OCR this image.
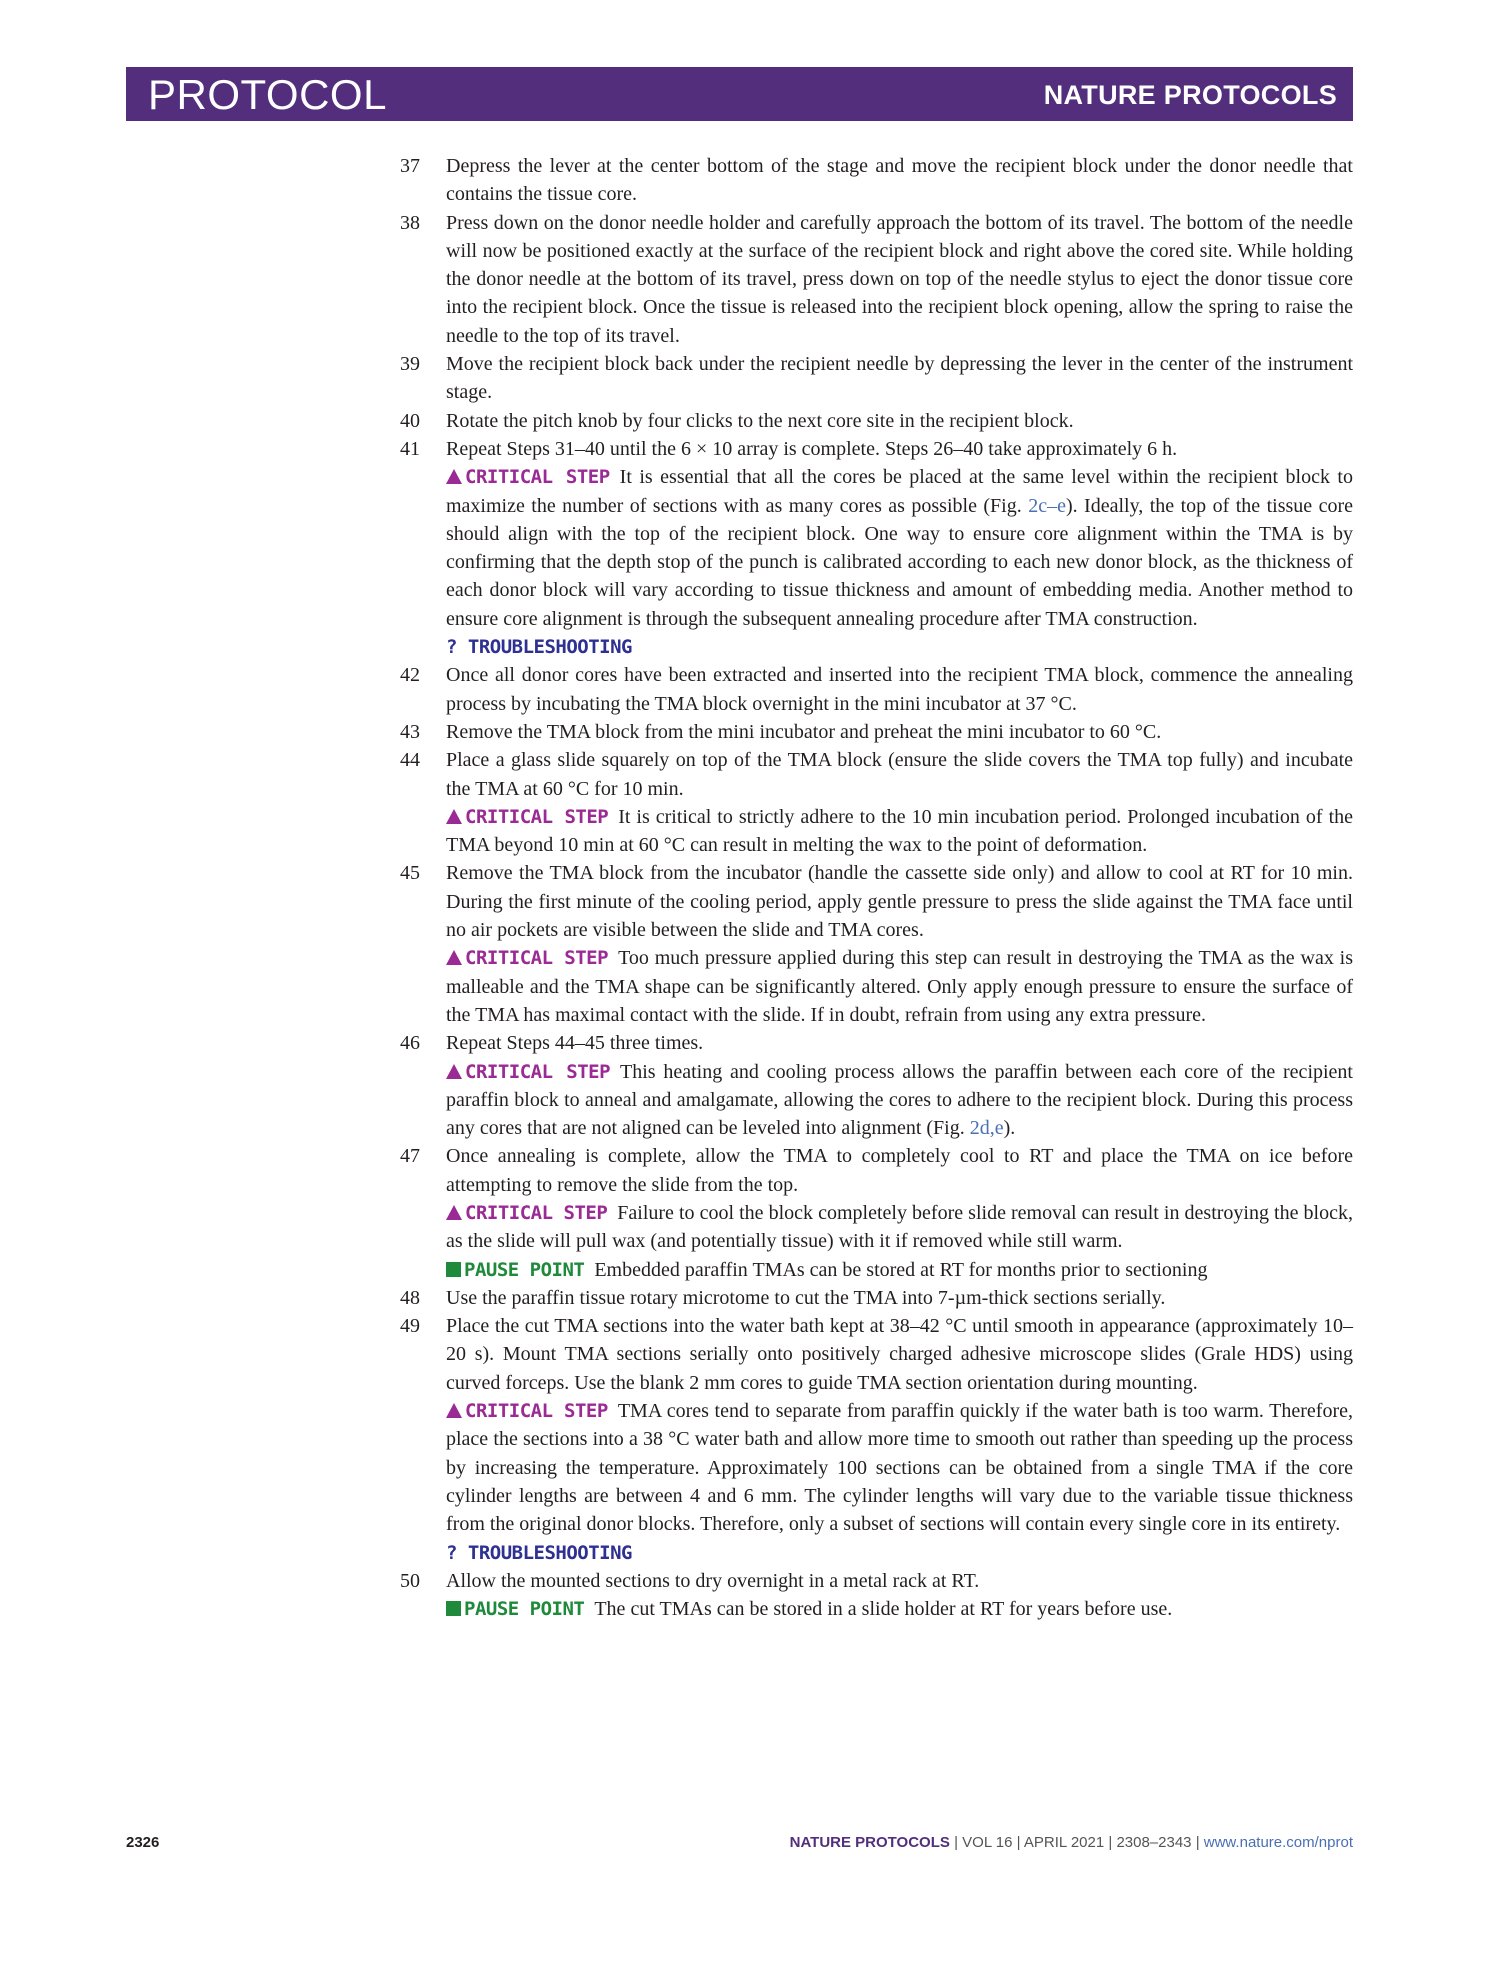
PROTOCOL	NATURE PROTOCOLS
37 Depress the lever at the center bottom of the stage and move the recipient block under the donor needle that contains the tissue core.
38 Press down on the donor needle holder and carefully approach the bottom of its travel. The bottom of the needle will now be positioned exactly at the surface of the recipient block and right above the cored site. While holding the donor needle at the bottom of its travel, press down on top of the needle stylus to eject the donor tissue core into the recipient block. Once the tissue is released into the recipient block opening, allow the spring to raise the needle to the top of its travel.
39 Move the recipient block back under the recipient needle by depressing the lever in the center of the instrument stage.
40 Rotate the pitch knob by four clicks to the next core site in the recipient block.
41 Repeat Steps 31–40 until the 6 × 10 array is complete. Steps 26–40 take approximately 6 h.
CRITICAL STEP It is essential that all the cores be placed at the same level within the recipient block to maximize the number of sections with as many cores as possible (Fig. 2c–e). Ideally, the top of the tissue core should align with the top of the recipient block. One way to ensure core alignment within the TMA is by confirming that the depth stop of the punch is calibrated according to each new donor block, as the thickness of each donor block will vary according to tissue thickness and amount of embedding media. Another method to ensure core alignment is through the subsequent annealing procedure after TMA construction.
? TROUBLESHOOTING
42 Once all donor cores have been extracted and inserted into the recipient TMA block, commence the annealing process by incubating the TMA block overnight in the mini incubator at 37 °C.
43 Remove the TMA block from the mini incubator and preheat the mini incubator to 60 °C.
44 Place a glass slide squarely on top of the TMA block (ensure the slide covers the TMA top fully) and incubate the TMA at 60 °C for 10 min.
CRITICAL STEP It is critical to strictly adhere to the 10 min incubation period. Prolonged incubation of the TMA beyond 10 min at 60 °C can result in melting the wax to the point of deformation.
45 Remove the TMA block from the incubator (handle the cassette side only) and allow to cool at RT for 10 min. During the first minute of the cooling period, apply gentle pressure to press the slide against the TMA face until no air pockets are visible between the slide and TMA cores.
CRITICAL STEP Too much pressure applied during this step can result in destroying the TMA as the wax is malleable and the TMA shape can be significantly altered. Only apply enough pressure to ensure the surface of the TMA has maximal contact with the slide. If in doubt, refrain from using any extra pressure.
46 Repeat Steps 44–45 three times.
CRITICAL STEP This heating and cooling process allows the paraffin between each core of the recipient paraffin block to anneal and amalgamate, allowing the cores to adhere to the recipient block. During this process any cores that are not aligned can be leveled into alignment (Fig. 2d,e).
47 Once annealing is complete, allow the TMA to completely cool to RT and place the TMA on ice before attempting to remove the slide from the top.
CRITICAL STEP Failure to cool the block completely before slide removal can result in destroying the block, as the slide will pull wax (and potentially tissue) with it if removed while still warm.
PAUSE POINT Embedded paraffin TMAs can be stored at RT for months prior to sectioning
48 Use the paraffin tissue rotary microtome to cut the TMA into 7-µm-thick sections serially.
49 Place the cut TMA sections into the water bath kept at 38–42 °C until smooth in appearance (approximately 10–20 s). Mount TMA sections serially onto positively charged adhesive microscope slides (Grale HDS) using curved forceps. Use the blank 2 mm cores to guide TMA section orientation during mounting.
CRITICAL STEP TMA cores tend to separate from paraffin quickly if the water bath is too warm. Therefore, place the sections into a 38 °C water bath and allow more time to smooth out rather than speeding up the process by increasing the temperature. Approximately 100 sections can be obtained from a single TMA if the core cylinder lengths are between 4 and 6 mm. The cylinder lengths will vary due to the variable tissue thickness from the original donor blocks. Therefore, only a subset of sections will contain every single core in its entirety.
? TROUBLESHOOTING
50 Allow the mounted sections to dry overnight in a metal rack at RT.
PAUSE POINT The cut TMAs can be stored in a slide holder at RT for years before use.
2326	NATURE PROTOCOLS | VOL 16 | APRIL 2021 | 2308–2343 | www.nature.com/nprot
